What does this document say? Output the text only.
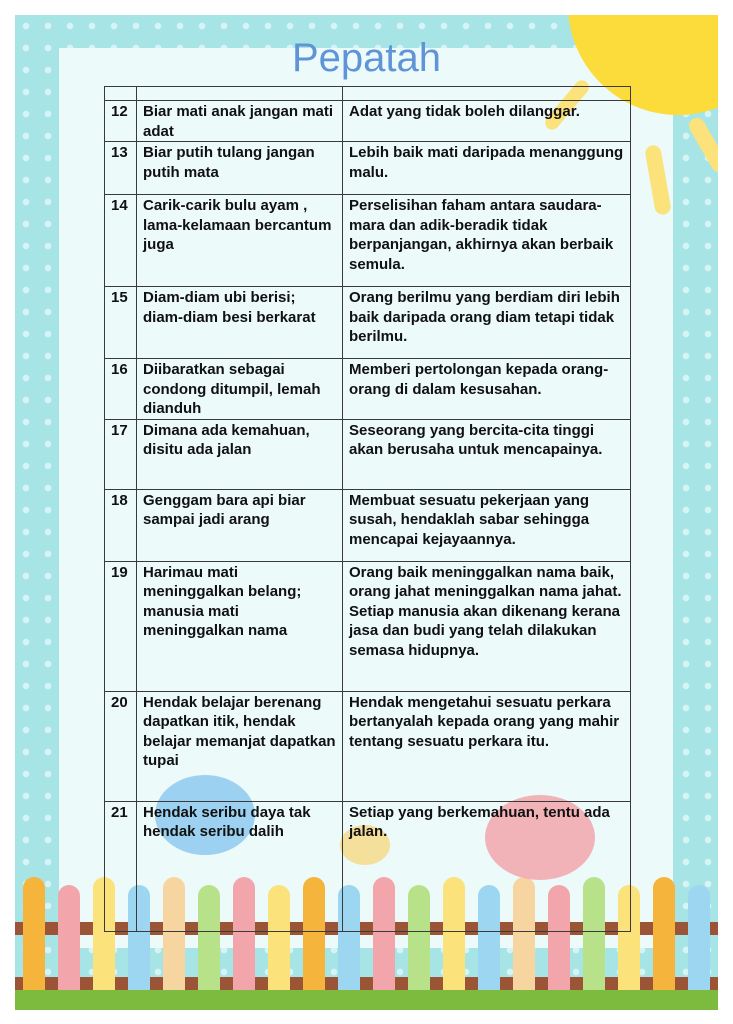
Pepatah

12	Biar mati anak jangan mati adat	Adat yang tidak boleh dilanggar.

13	Biar putih tulang jangan putih mata	Lebih baik mati daripada menanggung malu.

14	Carik-carik bulu ayam , lama-kelamaan bercantum juga	Perselisihan faham antara saudara-mara dan adik-beradik tidak berpanjangan, akhirnya akan berbaik semula.

15	Diam-diam ubi berisi; diam-diam besi berkarat	Orang berilmu yang berdiam diri lebih baik daripada orang diam tetapi tidak berilmu.

16	Diibaratkan sebagai condong ditumpil, lemah dianduh	Memberi pertolongan kepada orang-orang di dalam kesusahan.

17	Dimana ada kemahuan, disitu ada jalan	Seseorang yang bercita-cita tinggi akan berusaha untuk mencapainya.

18	Genggam bara api biar sampai jadi arang	Membuat sesuatu pekerjaan yang susah, hendaklah sabar sehingga mencapai kejayaannya.

19	Harimau mati meninggalkan belang; manusia mati meninggalkan nama	Orang baik meninggalkan nama baik, orang jahat meninggalkan nama jahat.
Setiap manusia akan dikenang kerana jasa dan budi yang telah dilakukan semasa hidupnya.

20	Hendak belajar berenang dapatkan itik, hendak belajar memanjat dapatkan tupai	Hendak mengetahui sesuatu perkara bertanyalah kepada orang yang mahir tentang sesuatu perkara itu.

21	Hendak seribu daya tak hendak seribu dalih	Setiap yang berkemahuan, tentu ada jalan.
